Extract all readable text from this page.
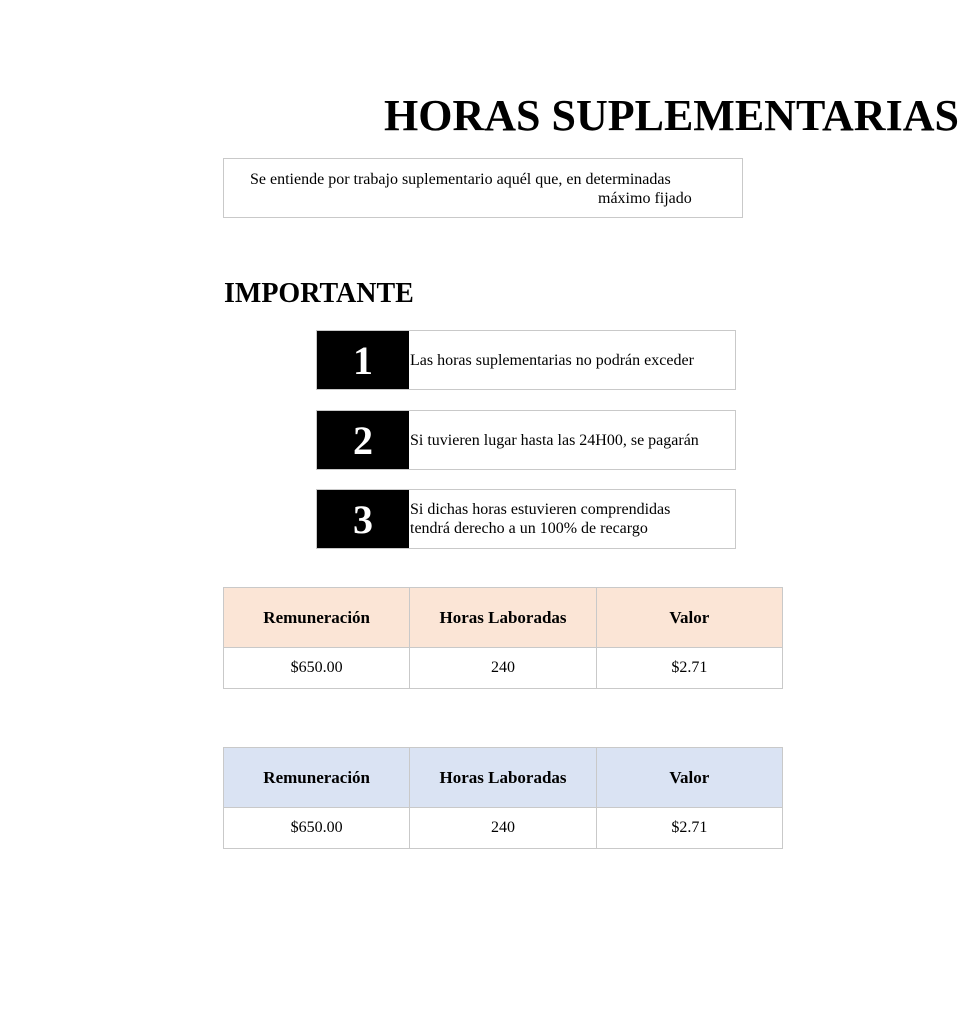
HORAS SUPLEMENTARIAS
Se entiende por trabajo suplementario aquél que, en determinadas
máximo fijado
IMPORTANTE
1	Las horas suplementarias no podrán exceder
2	Si tuvieren lugar hasta las 24H00, se pagarán
3	Si dichas horas estuvieren comprendidas
tendrá derecho a un 100% de recargo
Remuneración	Horas Laboradas	Valor
$650.00	240	$2.71
Remuneración	Horas Laboradas	Valor
$650.00	240	$2.71
